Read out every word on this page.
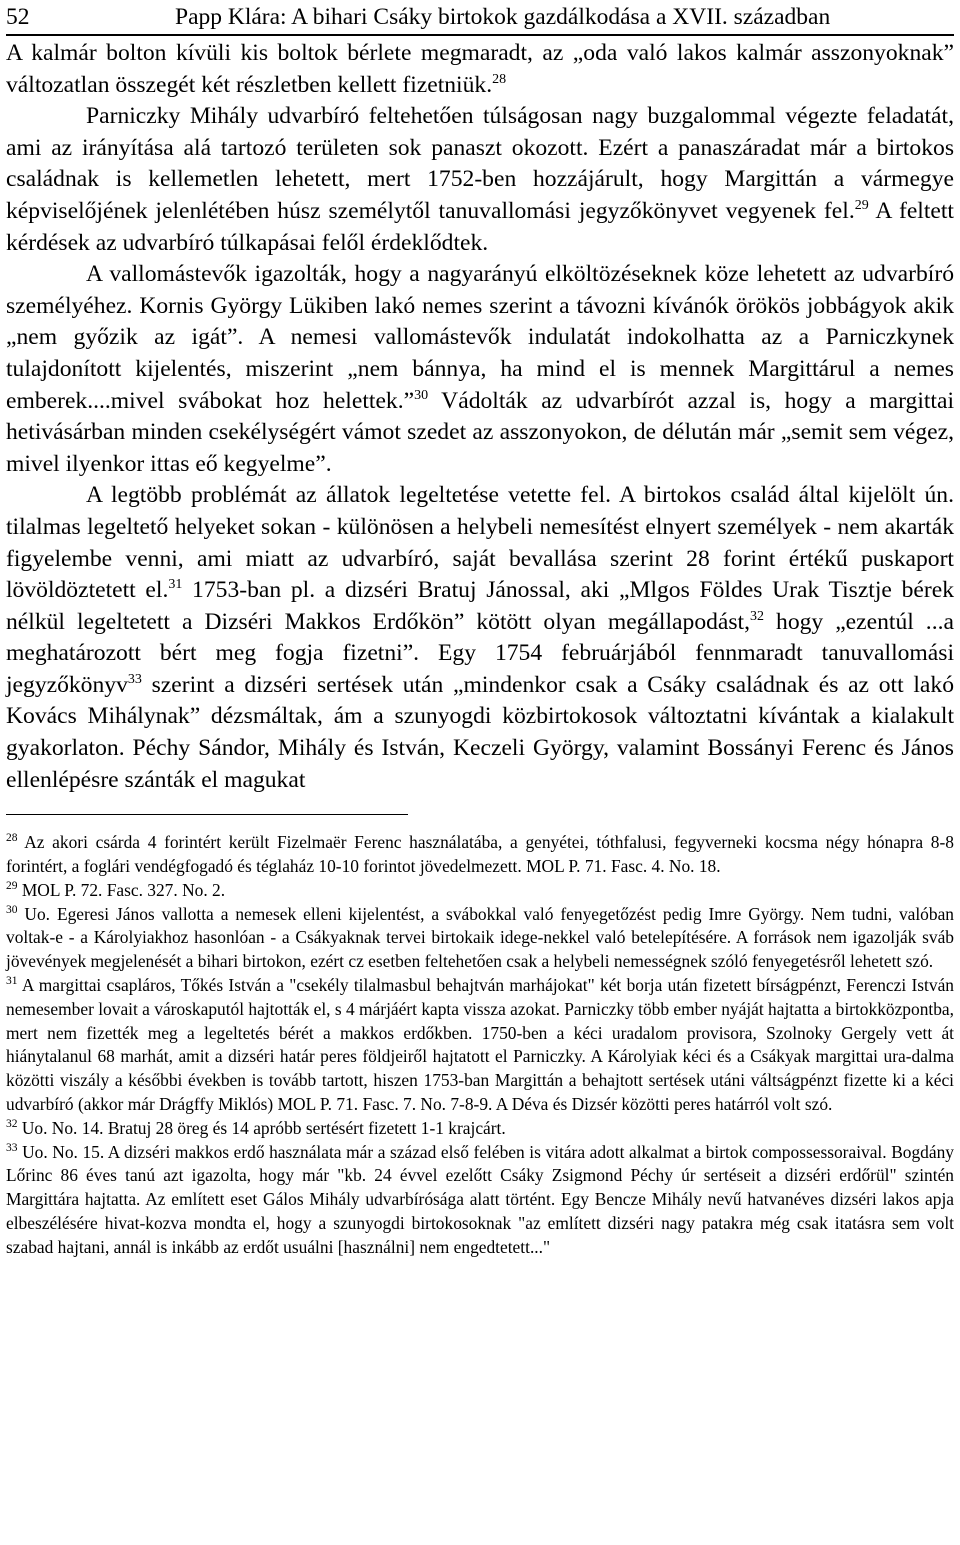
52	Papp Klára: A bihari Csáky birtokok gazdálkodása a XVII. században

A kalmár bolton kívüli kis boltok bérlete megmaradt, az „oda való lakos kalmár asszonyoknak” változatlan összegét két részletben kellett fizetniük.$^{28}$

Parniczky Mihály udvarbíró feltehetően túlságosan nagy buzgalommal végezte feladatát, ami az irányítása alá tartozó területen sok panaszt okozott. Ezért a panaszáradat már a birtokos családnak is kellemetlen lehetett, mert 1752-ben hozzájárult, hogy Margittán a vármegye képviselőjének jelenlétében húsz személytől tanuvallomási jegyzőkönyvet vegyenek fel.$^{29}$ A feltett kérdések az udvarbíró túlkapásai felől érdeklődtek.

A vallomástevők igazolták, hogy a nagyarányú elköltözéseknek köze lehetett az udvarbíró személyéhez. Kornis György Lükiben lakó nemes szerint a távozni kívánók örökös jobbágyok akik „nem győzik az igát”. A nemesi vallomástevők indulatát indokolhatta az a Parniczkynek tulajdonított kijelentés, miszerint „nem bánnya, ha mind el is mennek Margittárul a nemes emberek....mivel svábokat hoz helettek.”$^{30}$ Vádolták az udvarbírót azzal is, hogy a margittai hetivásárban minden csekélységért vámot szedet az asszonyokon, de délután már „semit sem végez, mivel ilyenkor ittas eő kegyelme”.

A legtöbb problémát az állatok legeltetése vetette fel. A birtokos család által kijelölt ún. tilalmas legeltető helyeket sokan - különösen a helybeli nemesítést elnyert személyek - nem akarták figyelembe venni, ami miatt az udvarbíró, saját bevallása szerint 28 forint értékű puskaport lövöldöztetett el.$^{31}$ 1753-ban pl. a dizséri Bratuj Jánossal, aki „Mlgos Földes Urak Tisztje bérek nélkül legeltetett a Dizséri Makkos Erdőkön” kötött olyan megállapodást,$^{32}$ hogy „ezentúl ...a meghatározott bért meg fogja fizetni”. Egy 1754 februárjából fennmaradt tanuvallomási jegyzőkönyv$^{33}$ szerint a dizséri sertések után „mindenkor csak a Csáky családnak és az ott lakó Kovács Mihálynak” dézsmáltak, ám a szunyogdi közbirtokosok változtatni kívántak a kialakult gyakorlaton. Péchy Sándor, Mihály és István, Keczeli György, valamint Bossányi Ferenc és János ellenlépésre szánták el magukat

$^{28}$ Az akori csárda 4 forintért került Fizelmaër Ferenc használatába, a genyétei, tóthfalusi, fegyverneki kocsma négy hónapra 8-8 forintért, a foglári vendégfogadó és téglaház 10-10 forintot jövedelmezett. MOL P. 71. Fasc. 4. No. 18.

$^{29}$ MOL P. 72. Fasc. 327. No. 2.

$^{30}$ Uo. Egeresi János vallotta a nemesek elleni kijelentést, a svábokkal való fenyegetőzést pedig Imre György. Nem tudni, valóban voltak-e - a Károlyiakhoz hasonlóan - a Csákyaknak tervei birtokaik idege-nekkel való betelepítésére. A források nem igazolják sváb jövevények megjelenését a bihari birtokon, ezért cz esetben feltehetően csak a helybeli nemességnek szóló fenyegetésről lehetett szó.

$^{31}$ A margittai csapláros, Tőkés István a "csekély tilalmasbul behajtván marhájokat" két borja után fizetett bírságpénzt, Ferenczi István nemesember lovait a városkaputól hajtották el, s 4 márjáért kapta vissza azokat. Parniczky több ember nyáját hajtatta a birtokközpontba, mert nem fizették meg a legeltetés bérét a makkos erdőkben. 1750-ben a kéci uradalom provisora, Szolnoky Gergely vett át hiánytalanul 68 marhát, amit a dizséri határ peres földjeiről hajtatott el Parniczky. A Károlyiak kéci és a Csákyak margittai ura-dalma közötti viszály a későbbi években is tovább tartott, hiszen 1753-ban Margittán a behajtott sertések utáni váltságpénzt fizette ki a kéci udvarbíró (akkor már Drágffy Miklós) MOL P. 71. Fasc. 7. No. 7-8-9. A Déva és Dizsér közötti peres határról volt szó.

$^{32}$ Uo. No. 14. Bratuj 28 öreg és 14 apróbb sertésért fizetett 1-1 krajcárt.

$^{33}$ Uo. No. 15. A dizséri makkos erdő használata már a század első felében is vitára adott alkalmat a birtok compossessoraival. Bogdány Lőrinc 86 éves tanú azt igazolta, hogy már "kb. 24 évvel ezelőtt Csáky Zsigmond Péchy úr sertéseit a dizséri erdőrül" szintén Margittára hajtatta. Az említett eset Gálos Mihály udvarbírósága alatt történt. Egy Bencze Mihály nevű hatvanéves dizséri lakos apja elbeszélésére hivat-kozva mondta el, hogy a szunyogdi birtokosoknak "az említett dizséri nagy patakra még csak itatásra sem volt szabad hajtani, annál is inkább az erdőt usuálni [használni] nem engedtetett..."
